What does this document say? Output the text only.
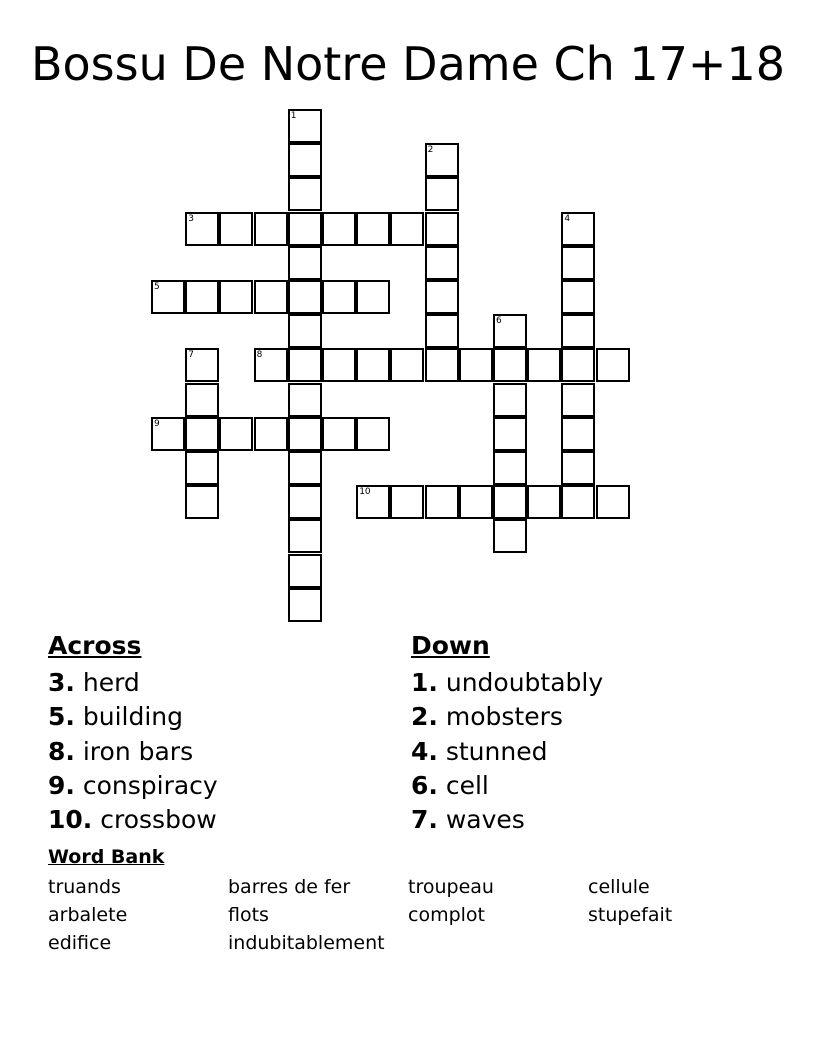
Bossu De Notre Dame Ch 17+18
1
2
3	4
5
6
7	8
9
10
Across
3. herd
5. building
8. iron bars
9. conspiracy
10. crossbow
Down
1. undoubtably
2. mobsters
4. stunned
6. cell
7. waves
Word Bank
truands	barres de fer	troupeau	cellule
arbalete	flots	complot	stupefait
edifice	indubitablement
